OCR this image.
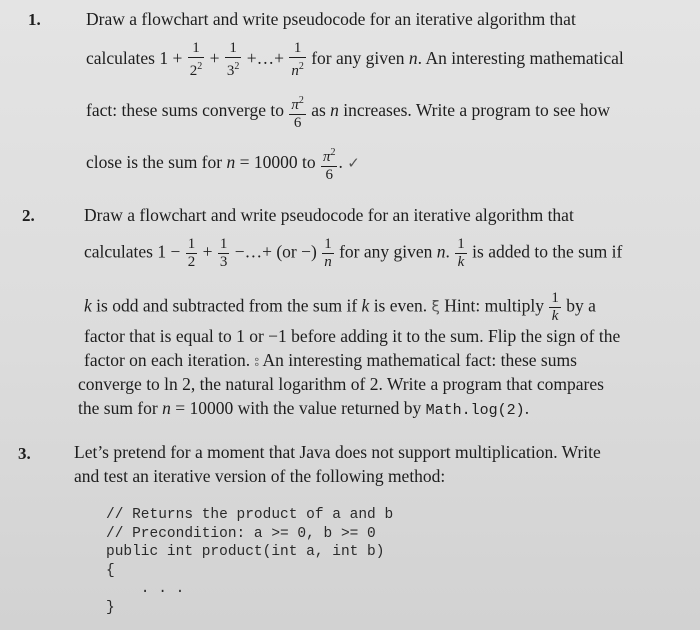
1.	Draw a flowchart and write pseudocode for an iterative algorithm that
calculates $1 + \frac{1}{2^2} + \frac{1}{3^2}$ +…+ $\frac{1}{n^2}$ for any given n. An interesting mathematical
fact: these sums converge to $\frac{\pi^2}{6}$ as n increases. Write a program to see how
close is the sum for n = 10000 to $\frac{\pi^2}{6}$ . ✓
2.	Draw a flowchart and write pseudocode for an iterative algorithm that
calculates $1 - \frac{1}{2} + \frac{1}{3}$ −…+ (or −) $\frac{1}{n}$ for any given n. $\frac{1}{k}$ is added to the sum if
k is odd and subtracted from the sum if k is even. ξ Hint: multiply $\frac{1}{k}$ by a
factor that is equal to 1 or −1 before adding it to the sum. Flip the sign of the
factor on each iteration. ⦂ An interesting mathematical fact: these sums
converge to ln 2, the natural logarithm of 2. Write a program that compares
the sum for n = 10000 with the value returned by Math.log(2).
3. Let’s pretend for a moment that Java does not support multiplication. Write
and test an iterative version of the following method:
// Returns the product of a and b
// Precondition: a >= 0, b >= 0
public int product(int a, int b)
{
. . .
}
